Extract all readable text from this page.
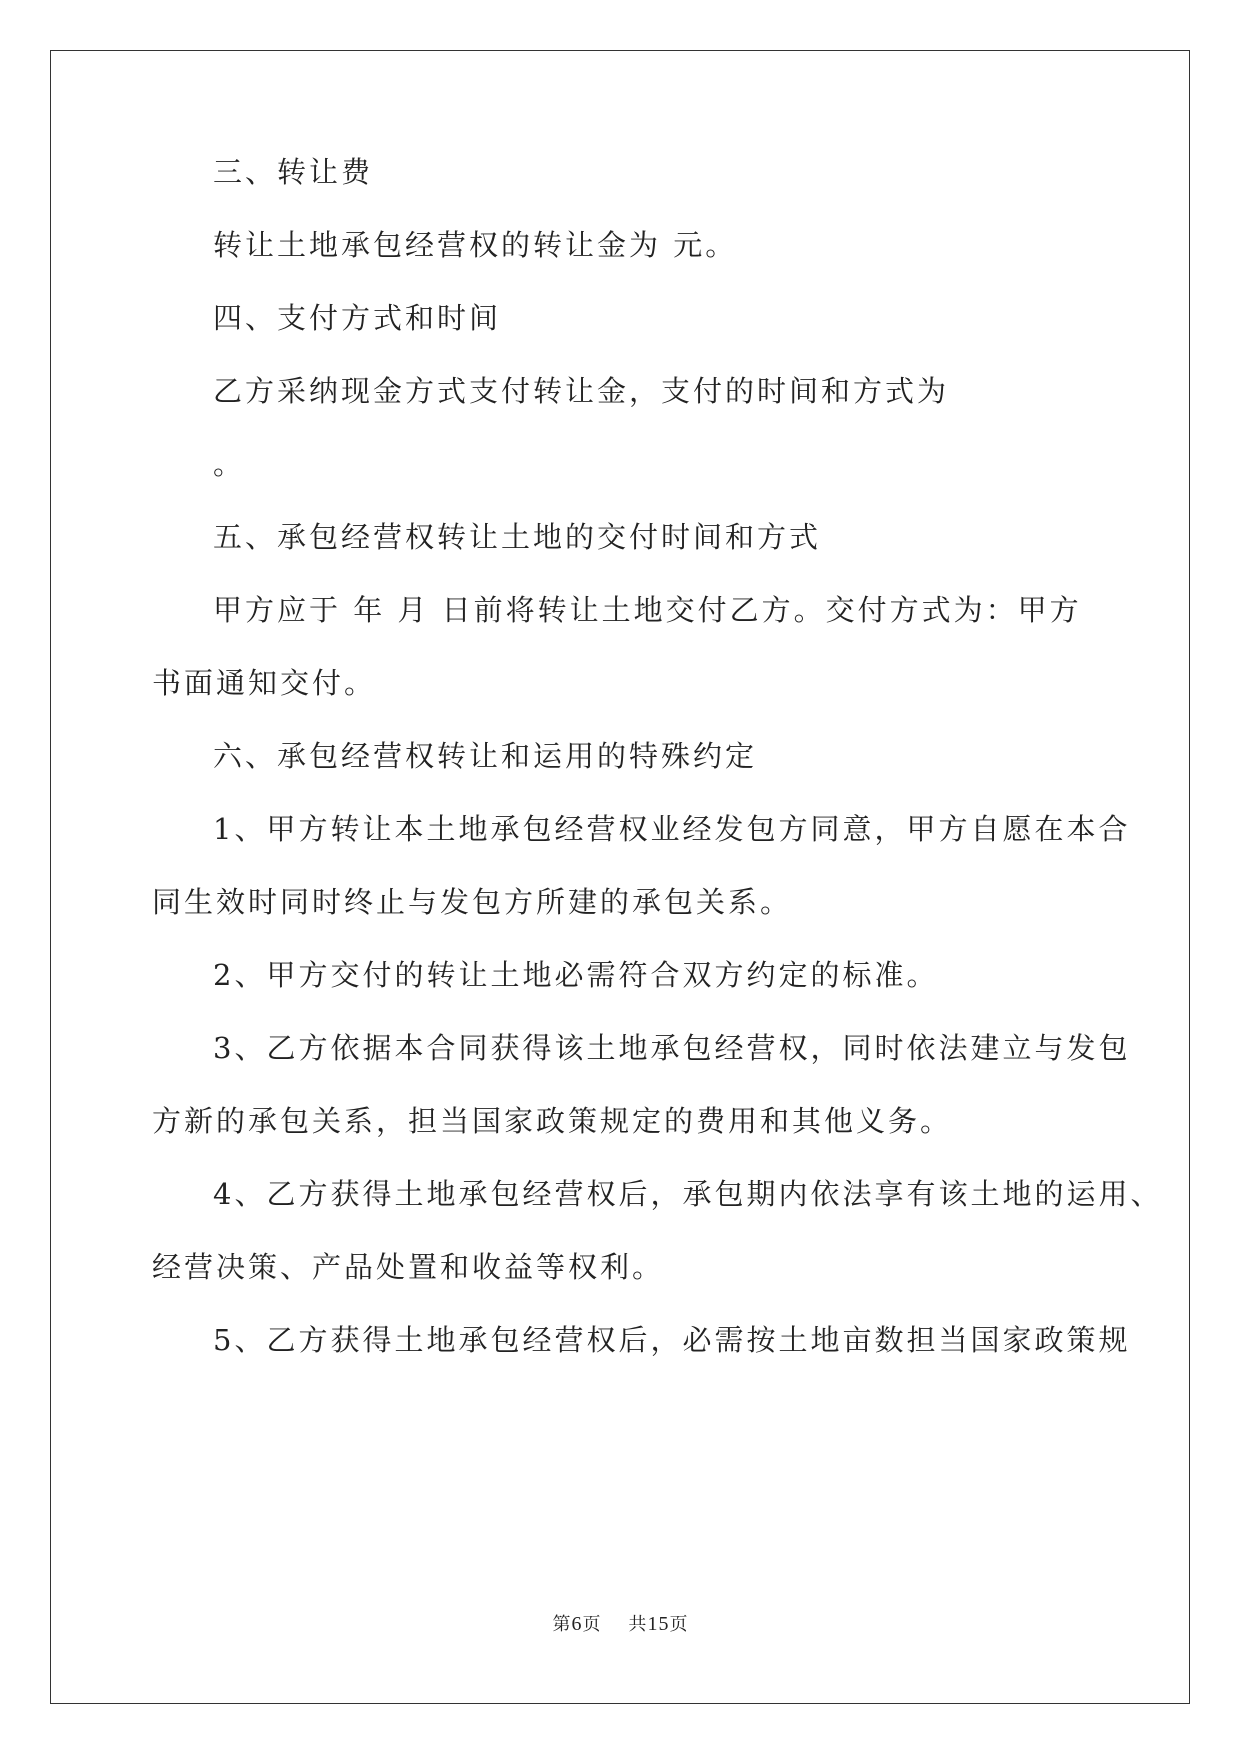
三、转让费
转让土地承包经营权的转让金为 元。
四、支付方式和时间
乙方采纳现金方式支付转让金，支付的时间和方式为
。
五、承包经营权转让土地的交付时间和方式
甲方应于 年 月 日前将转让土地交付乙方。交付方式为：甲方
书面通知交付。
六、承包经营权转让和运用的特殊约定
1、甲方转让本土地承包经营权业经发包方同意，甲方自愿在本合
同生效时同时终止与发包方所建的承包关系。
2、甲方交付的转让土地必需符合双方约定的标准。
3、乙方依据本合同获得该土地承包经营权，同时依法建立与发包
方新的承包关系，担当国家政策规定的费用和其他义务。
4、乙方获得土地承包经营权后，承包期内依法享有该土地的运用、
经营决策、产品处置和收益等权利。
5、乙方获得土地承包经营权后，必需按土地亩数担当国家政策规
第6页    共15页
